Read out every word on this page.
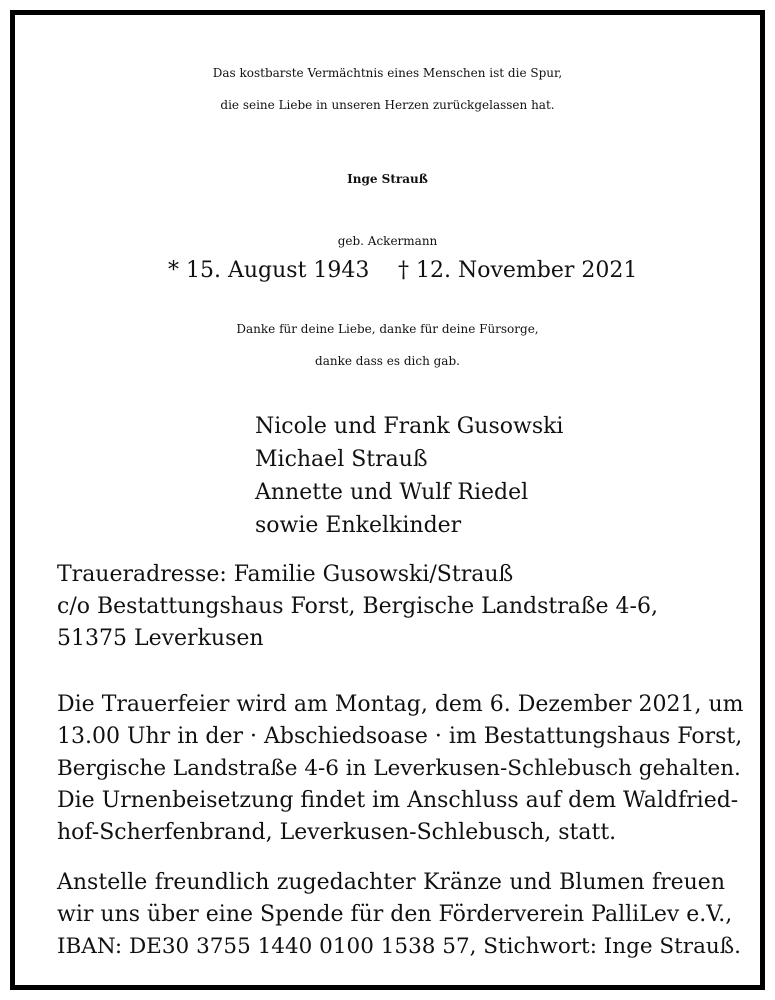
Das kostbarste Vermächtnis eines Menschen ist die Spur,
die seine Liebe in unseren Herzen zurückgelassen hat.
Inge Strauß
geb. Ackermann
* 15. August 1943 † 12. November 2021
Danke für deine Liebe, danke für deine Fürsorge,
danke dass es dich gab.
Nicole und Frank Gusowski
Michael Strauß
Annette und Wulf Riedel
sowie Enkelkinder
Traueradresse: Familie Gusowski/Strauß
c/o Bestattungshaus Forst, Bergische Landstraße 4-6,
51375 Leverkusen
Die Trauerfeier wird am Montag, dem 6. Dezember 2021, um
13.00 Uhr in der · Abschiedsoase · im Bestattungshaus Forst,
Bergische Landstraße 4-6 in Leverkusen-Schlebusch gehalten.
Die Urnenbeisetzung findet im Anschluss auf dem Waldfried-
hof-Scherfenbrand, Leverkusen-Schlebusch, statt.
Anstelle freundlich zugedachter Kränze und Blumen freuen
wir uns über eine Spende für den Förderverein PalliLev e.V.,
IBAN: DE30 3755 1440 0100 1538 57, Stichwort: Inge Strauß.
